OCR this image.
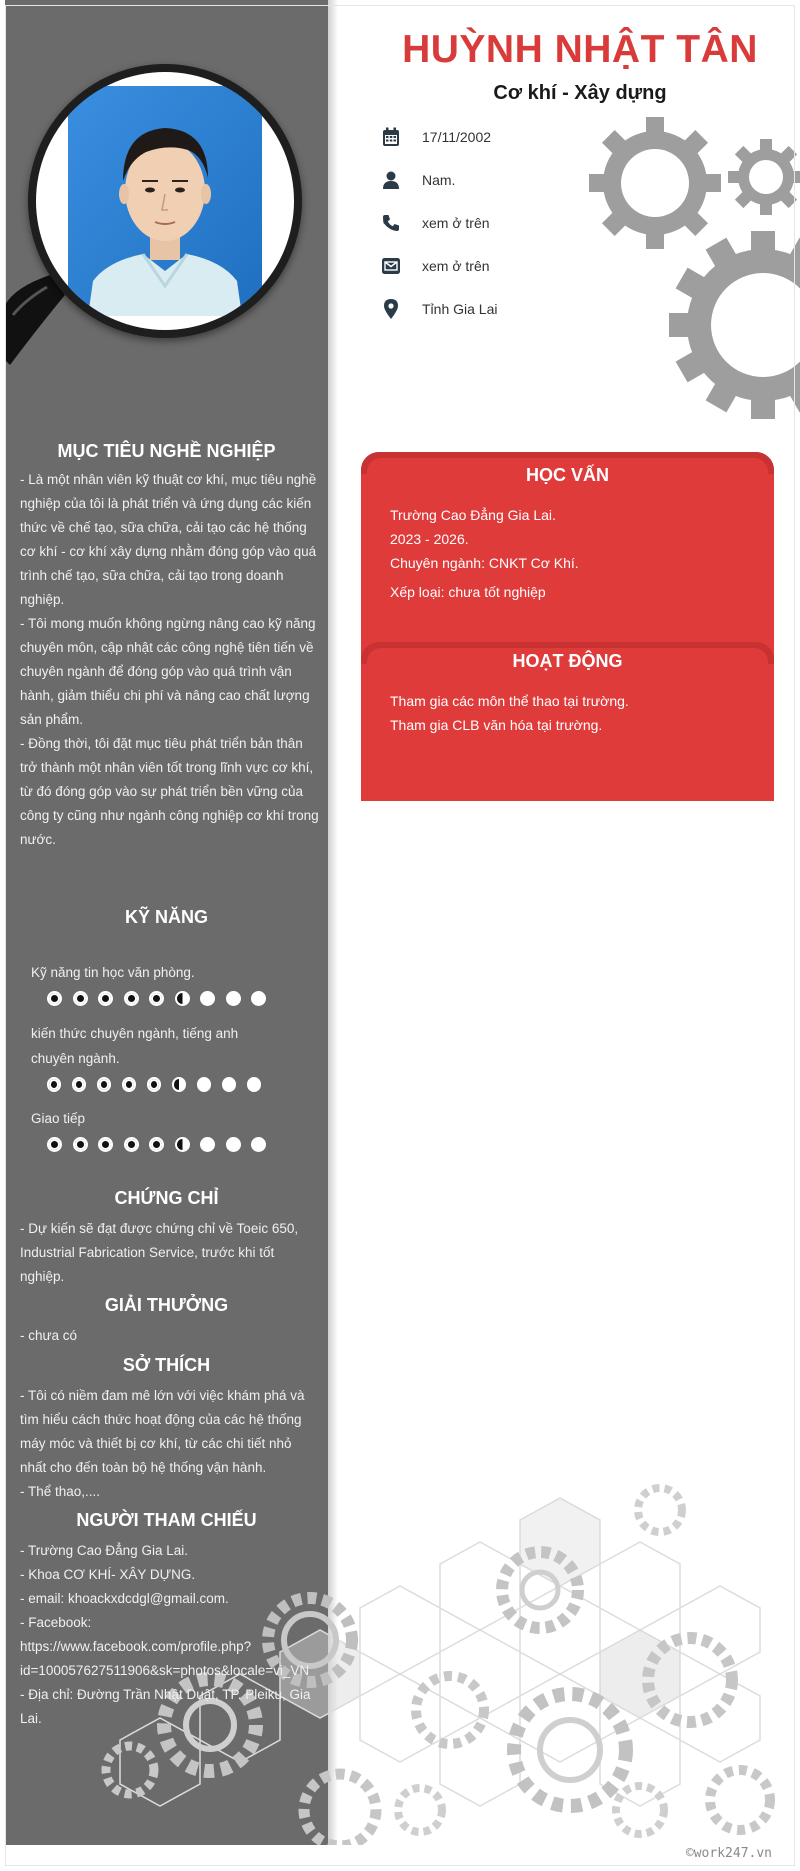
MỤC TIÊU NGHỀ NGHIỆP

- Là một nhân viên kỹ thuật cơ khí, mục tiêu nghề nghiệp của tôi là phát triển và ứng dụng các kiến thức về chế tạo, sữa chữa, cải tạo các hệ thống cơ khí - cơ khí xây dựng nhằm đóng góp vào quá trình chế tạo, sữa chữa, cải tạo trong doanh nghiệp.

- Tôi mong muốn không ngừng nâng cao kỹ năng chuyên môn, cập nhật các công nghệ tiên tiến về chuyên ngành để đóng góp vào quá trình vận hành, giảm thiểu chi phí và nâng cao chất lượng sản phẩm.

- Đồng thời, tôi đặt mục tiêu phát triển bản thân trở thành một nhân viên tốt trong lĩnh vực cơ khí, từ đó đóng góp vào sự phát triển bền vững của công ty cũng như ngành công nghiệp cơ khí trong nước.

KỸ NĂNG
Kỹ năng tin học văn phòng.
kiến thức chuyên ngành, tiếng anh chuyên ngành.
Giao tiếp
CHỨNG CHỈ
- Dự kiến sẽ đạt được chứng chỉ về Toeic 650, Industrial Fabrication Service, trước khi tốt nghiệp.
GIẢI THƯỞNG
- chưa có
SỞ THÍCH

- Tôi có niềm đam mê lớn với việc khám phá và tìm hiểu cách thức hoạt động của các hệ thống máy móc và thiết bị cơ khí, từ các chi tiết nhỏ nhất cho đến toàn bộ hệ thống vận hành.

- Thể thao,....

NGƯỜI THAM CHIẾU

- Trường Cao Đẳng Gia Lai.

- Khoa CƠ KHÍ- XÂY DỰNG.

- email: khoackxdcdgl@gmail.com.

- Facebook:

https://www.facebook.com/profile.php?

id=100057627511906&sk=photos&locale=vi_VN

- Địa chỉ: Đường Trần Nhật Duật, TP. Pleiku, Gia

Lai.

HUỲNH NHẬT TÂN
Cơ khí - Xây dựng
17/11/2002
Nam.
xem ở trên
xem ở trên
Tỉnh Gia Lai
HỌC VẤN
Trường Cao Đẳng Gia Lai.
2023 - 2026.
Chuyên ngành: CNKT Cơ Khí.
Xếp loại: chưa tốt nghiệp
HOẠT ĐỘNG
Tham gia các môn thể thao tại trường.
Tham gia CLB văn hóa tại trường.
©work247.vn
